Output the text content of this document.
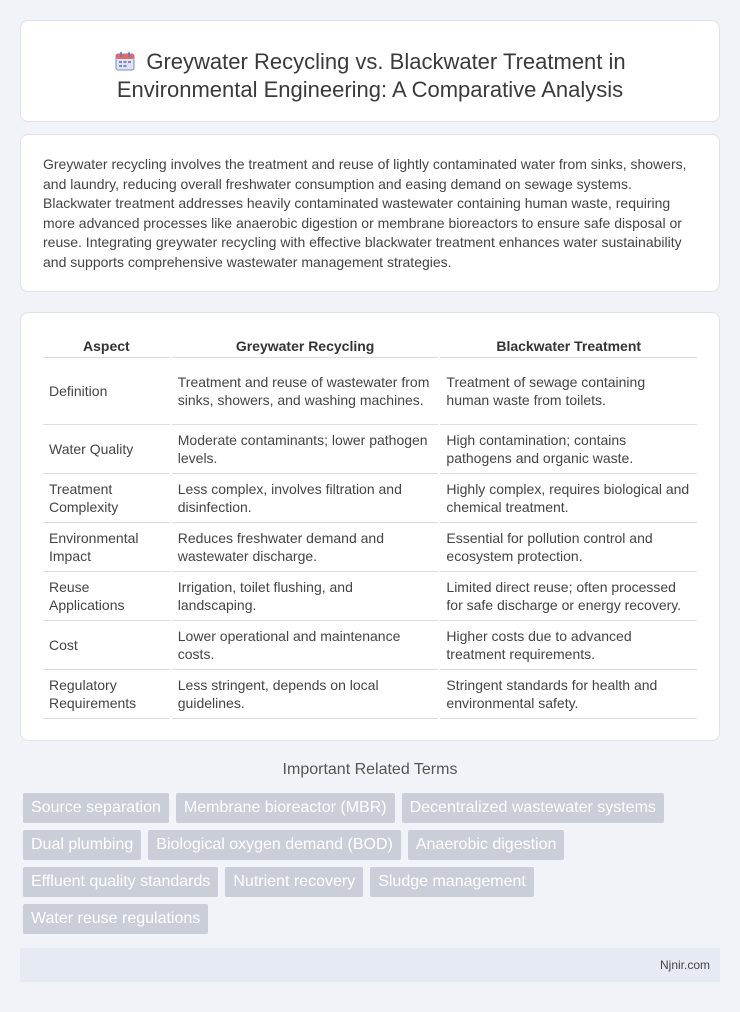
Greywater Recycling vs. Blackwater Treatment in Environmental Engineering: A Comparative Analysis

Greywater recycling involves the treatment and reuse of lightly contaminated water from sinks, showers, and laundry, reducing overall freshwater consumption and easing demand on sewage systems. Blackwater treatment addresses heavily contaminated wastewater containing human waste, requiring more advanced processes like anaerobic digestion or membrane bioreactors to ensure safe disposal or reuse. Integrating greywater recycling with effective blackwater treatment enhances water sustainability and supports comprehensive wastewater management strategies.

Aspect	Greywater Recycling	Blackwater Treatment
Definition	Treatment and reuse of wastewater from sinks, showers, and washing machines.	Treatment of sewage containing human waste from toilets.
Water Quality	Moderate contaminants; lower pathogen levels.	High contamination; contains pathogens and organic waste.
Treatment Complexity	Less complex, involves filtration and disinfection.	Highly complex, requires biological and chemical treatment.
Environmental Impact	Reduces freshwater demand and wastewater discharge.	Essential for pollution control and ecosystem protection.
Reuse Applications	Irrigation, toilet flushing, and landscaping.	Limited direct reuse; often processed for safe discharge or energy recovery.
Cost	Lower operational and maintenance costs.	Higher costs due to advanced treatment requirements.
Regulatory Requirements	Less stringent, depends on local guidelines.	Stringent standards for health and environmental safety.
Important Related Terms
Source separation	Membrane bioreactor (MBR)	Decentralized wastewater systems
Dual plumbing	Biological oxygen demand (BOD)	Anaerobic digestion
Effluent quality standards	Nutrient recovery	Sludge management
Water reuse regulations
Njnir.com
